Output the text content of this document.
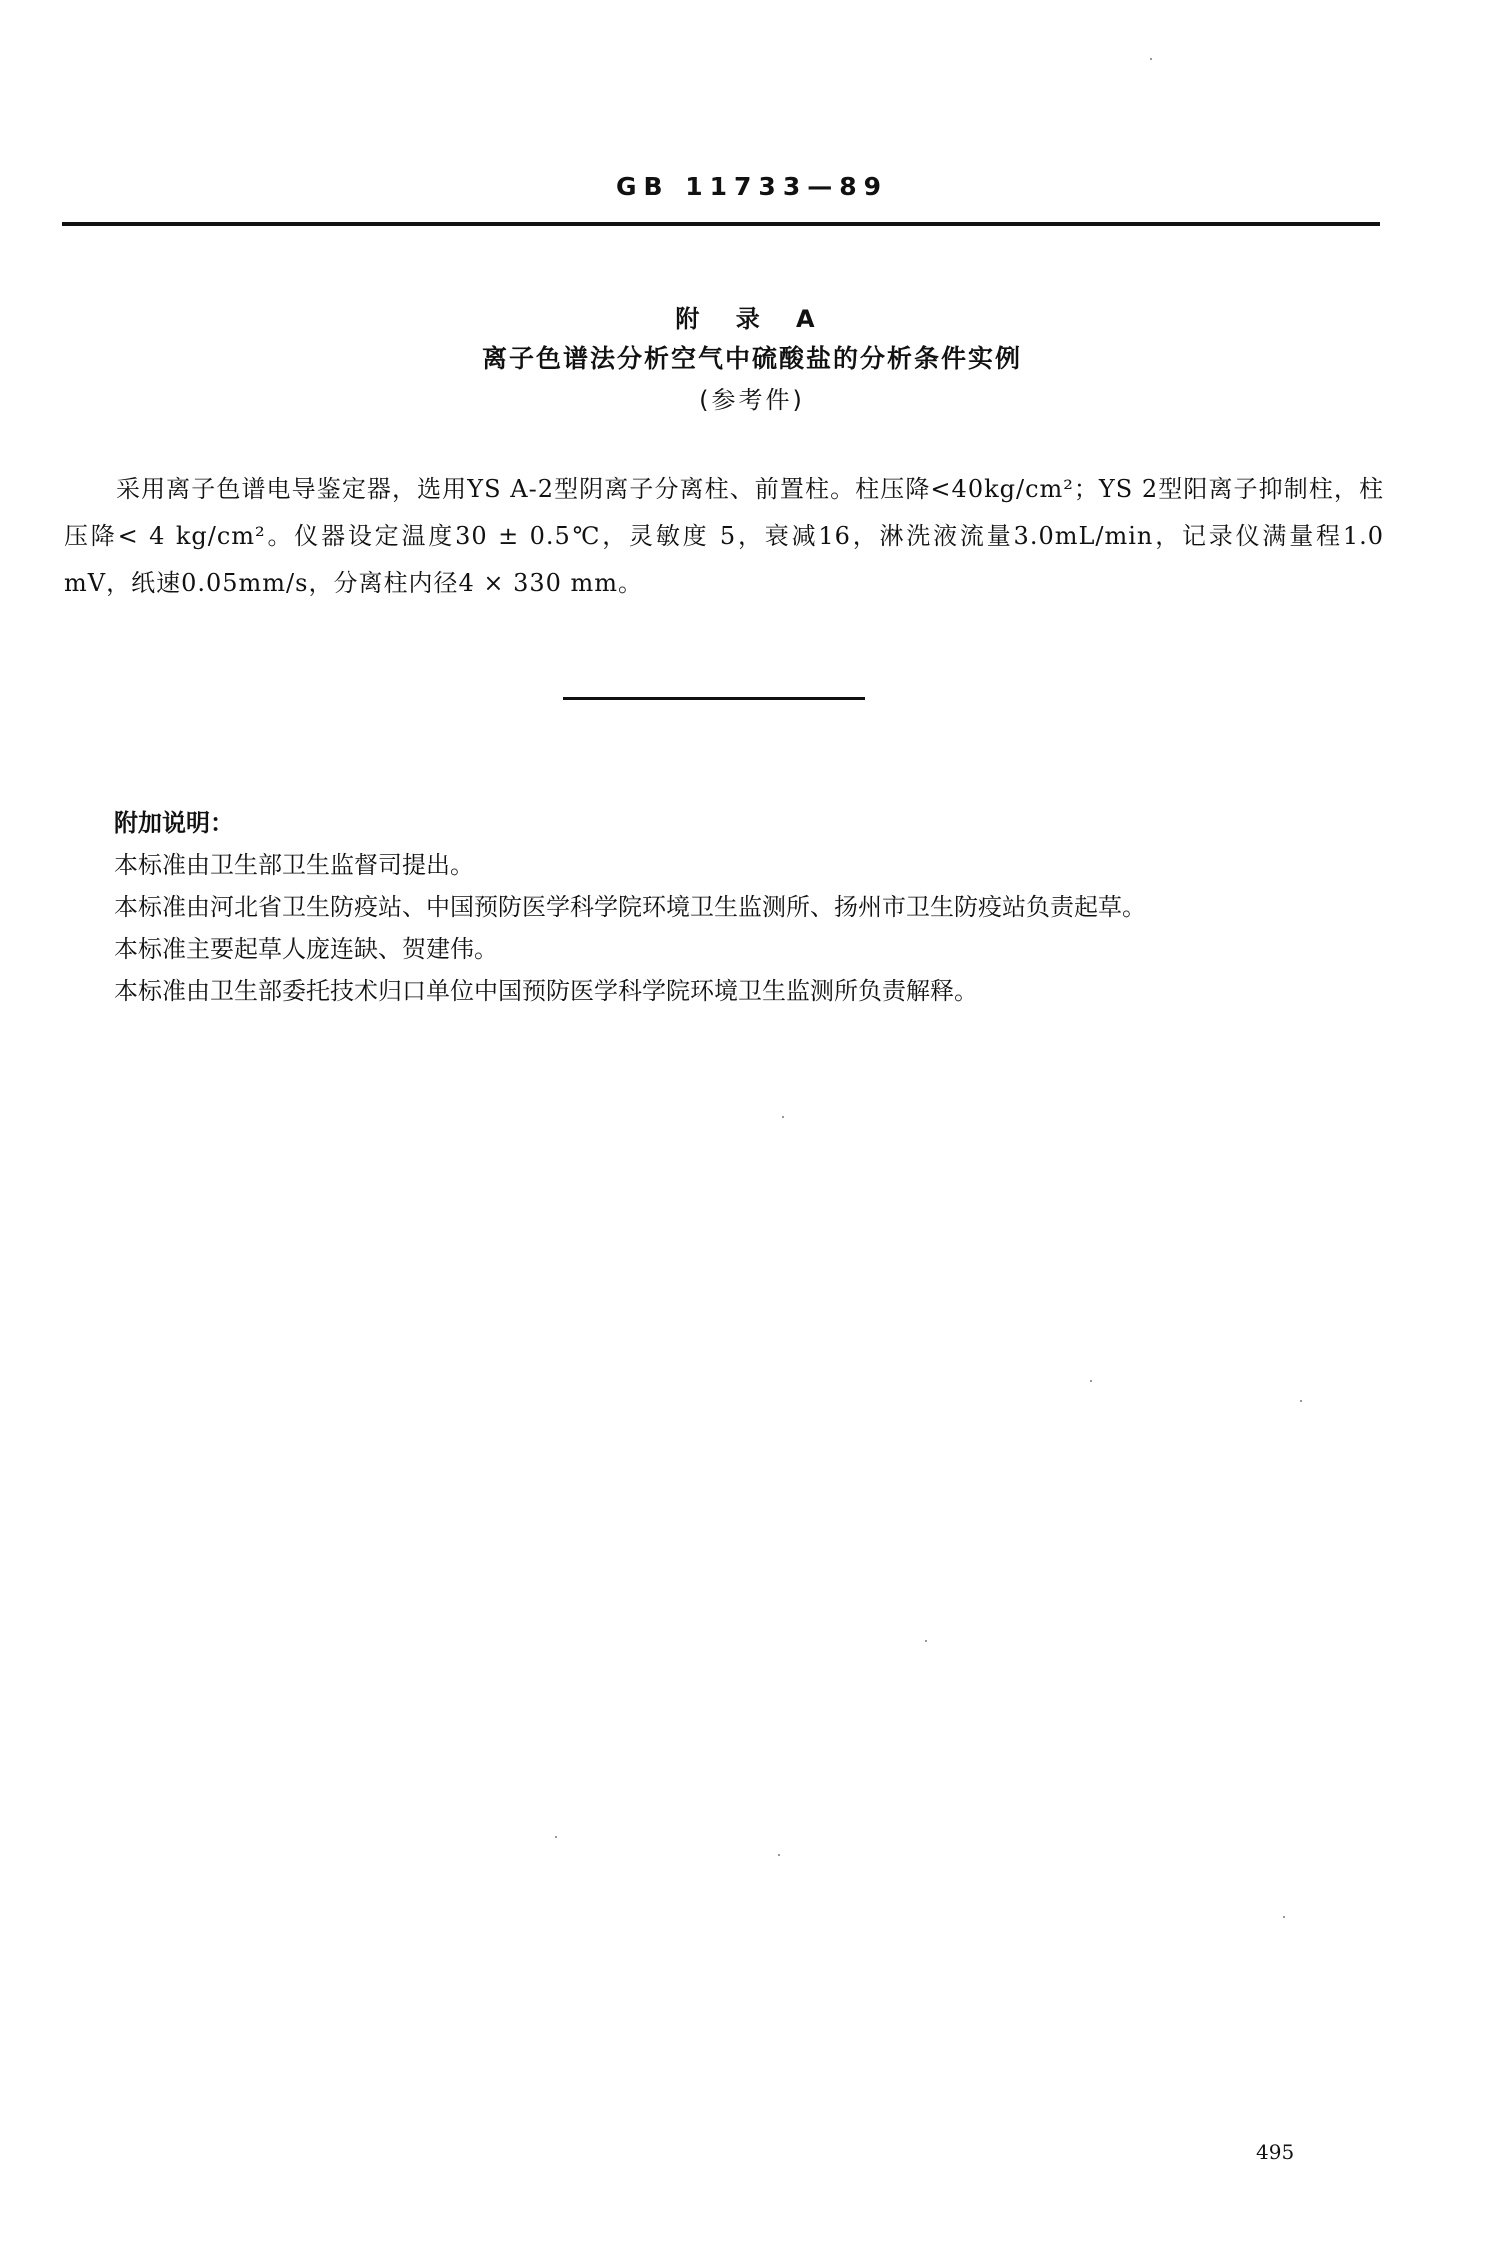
GB 11733—89
附 录 A
离子色谱法分析空气中硫酸盐的分析条件实例
(参考件)
采用离子色谱电导鉴定器，选用YS A-2型阴离子分离柱、前置柱。柱压降<40kg/cm²；YS 2型阳离子抑制柱，柱压降< 4 kg/cm²。仪器设定温度30 ± 0.5℃，灵敏度 5，衰减16，淋洗液流量3.0mL/min，记录仪满量程1.0 mV，纸速0.05mm/s，分离柱内径4 × 330 mm。
附加说明：
本标准由卫生部卫生监督司提出。
本标准由河北省卫生防疫站、中国预防医学科学院环境卫生监测所、扬州市卫生防疫站负责起草。
本标准主要起草人庞连缺、贺建伟。
本标准由卫生部委托技术归口单位中国预防医学科学院环境卫生监测所负责解释。
495
